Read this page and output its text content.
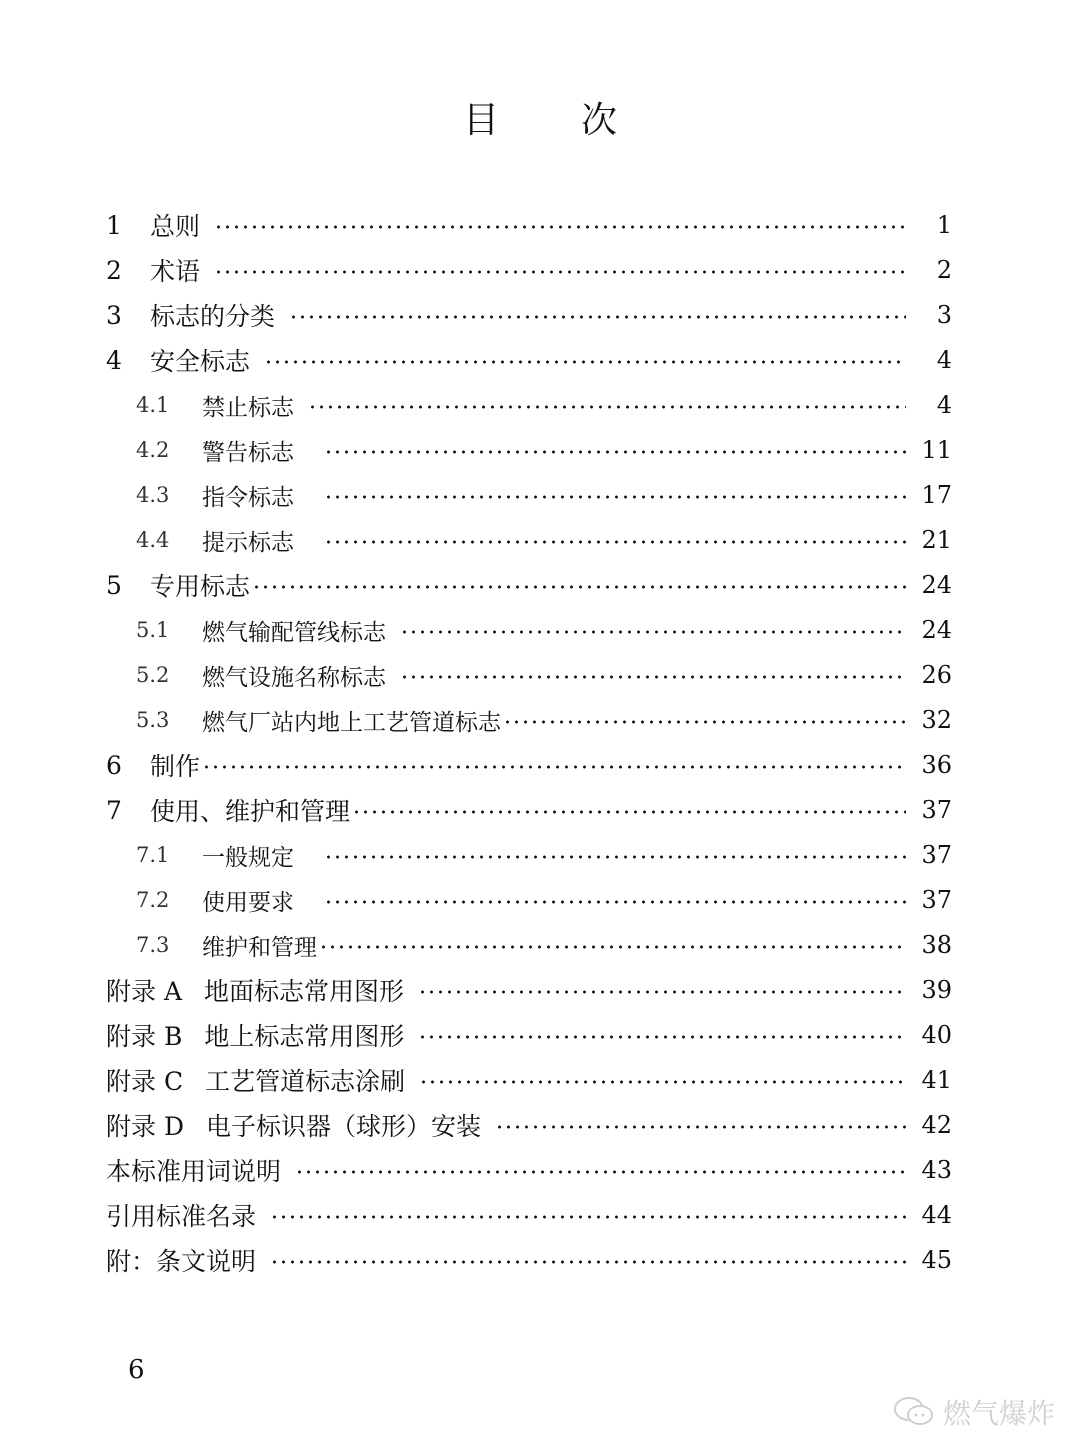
目 次
1	总则	1
2	术语	2
3	标志的分类	3
4	安全标志	4
4.1	禁止标志	4
4.2	警告标志	11
4.3	指令标志	17
4.4	提示标志	21
5	专用标志	24
5.1	燃气输配管线标志	24
5.2	燃气设施名称标志	26
5.3	燃气厂站内地上工艺管道标志	32
6	制作	36
7	使用、维护和管理	37
7.1	一般规定	37
7.2	使用要求	37
7.3	维护和管理	38
附录 A 地面标志常用图形	39
附录 B 地上标志常用图形	40
附录 C 工艺管道标志涂刷	41
附录 D 电子标识器（球形）安装	42
本标准用词说明	43
引用标准名录	44
附：条文说明	45
6
燃气爆炸
